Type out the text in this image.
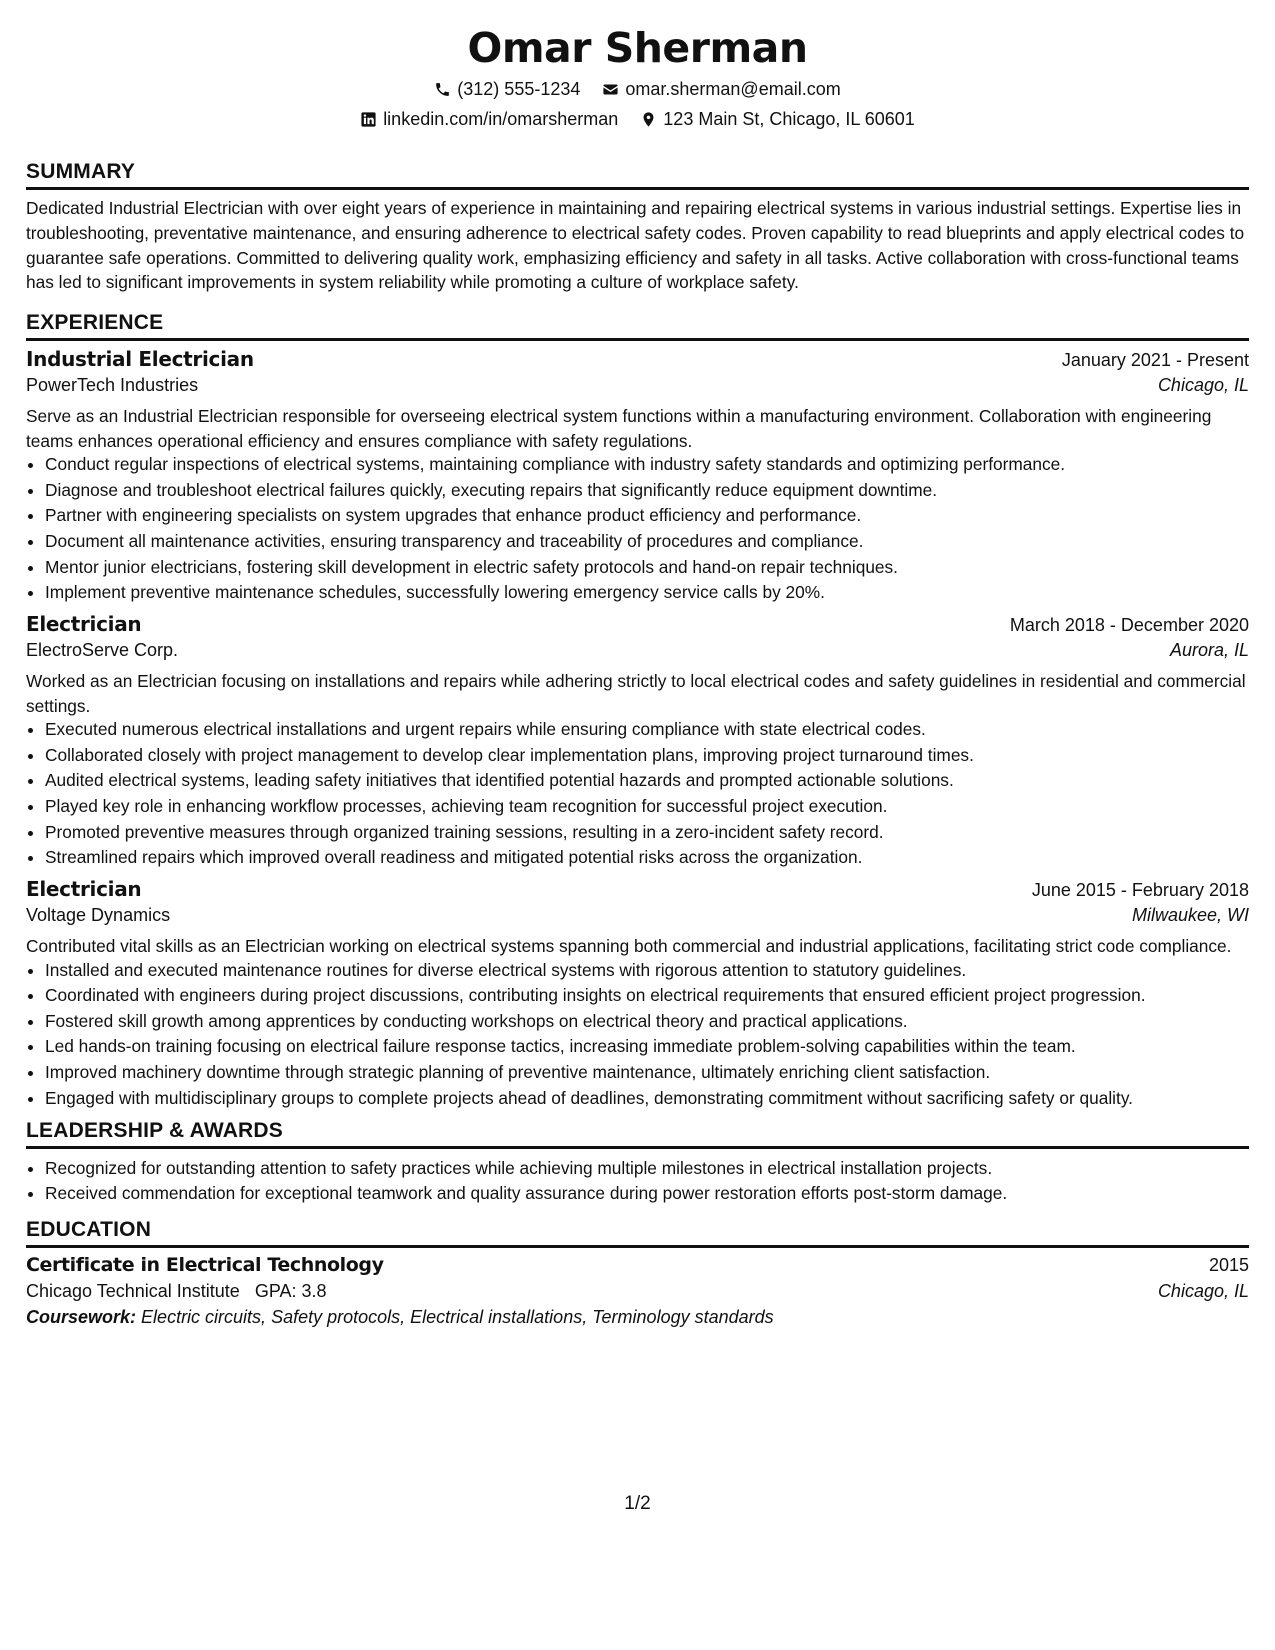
Omar Sherman
(312) 555-1234	omar.sherman@email.com
linkedin.com/in/omarsherman	123 Main St, Chicago, IL 60601
SUMMARY

Dedicated Industrial Electrician with over eight years of experience in maintaining and repairing electrical systems in various industrial settings. Expertise lies in troubleshooting, preventative maintenance, and ensuring adherence to electrical safety codes. Proven capability to read blueprints and apply electrical codes to guarantee safe operations. Committed to delivering quality work, emphasizing efficiency and safety in all tasks. Active collaboration with cross-functional teams has led to significant improvements in system reliability while promoting a culture of workplace safety.

EXPERIENCE
Industrial Electrician	January 2021 - Present
PowerTech Industries	Chicago, IL
Serve as an Industrial Electrician responsible for overseeing electrical system functions within a manufacturing environment. Collaboration with engineering teams enhances operational efficiency and ensures compliance with safety regulations.
• Conduct regular inspections of electrical systems, maintaining compliance with industry safety standards and optimizing performance.
• Diagnose and troubleshoot electrical failures quickly, executing repairs that significantly reduce equipment downtime.
• Partner with engineering specialists on system upgrades that enhance product efficiency and performance.
• Document all maintenance activities, ensuring transparency and traceability of procedures and compliance.
• Mentor junior electricians, fostering skill development in electric safety protocols and hand-on repair techniques.
• Implement preventive maintenance schedules, successfully lowering emergency service calls by 20%.
Electrician	March 2018 - December 2020
ElectroServe Corp.	Aurora, IL
Worked as an Electrician focusing on installations and repairs while adhering strictly to local electrical codes and safety guidelines in residential and commercial settings.
• Executed numerous electrical installations and urgent repairs while ensuring compliance with state electrical codes.
• Collaborated closely with project management to develop clear implementation plans, improving project turnaround times.
• Audited electrical systems, leading safety initiatives that identified potential hazards and prompted actionable solutions.
• Played key role in enhancing workflow processes, achieving team recognition for successful project execution.
• Promoted preventive measures through organized training sessions, resulting in a zero-incident safety record.
• Streamlined repairs which improved overall readiness and mitigated potential risks across the organization.
Electrician	June 2015 - February 2018
Voltage Dynamics	Milwaukee, WI
Contributed vital skills as an Electrician working on electrical systems spanning both commercial and industrial applications, facilitating strict code compliance.
• Installed and executed maintenance routines for diverse electrical systems with rigorous attention to statutory guidelines.
• Coordinated with engineers during project discussions, contributing insights on electrical requirements that ensured efficient project progression.
• Fostered skill growth among apprentices by conducting workshops on electrical theory and practical applications.
• Led hands-on training focusing on electrical failure response tactics, increasing immediate problem-solving capabilities within the team.
• Improved machinery downtime through strategic planning of preventive maintenance, ultimately enriching client satisfaction.
• Engaged with multidisciplinary groups to complete projects ahead of deadlines, demonstrating commitment without sacrificing safety or quality.
LEADERSHIP & AWARDS
• Recognized for outstanding attention to safety practices while achieving multiple milestones in electrical installation projects.
• Received commendation for exceptional teamwork and quality assurance during power restoration efforts post-storm damage.
EDUCATION
Certificate in Electrical Technology	2015
Chicago Technical Institute GPA: 3.8	Chicago, IL
Coursework: Electric circuits, Safety protocols, Electrical installations, Terminology standards
1/2
